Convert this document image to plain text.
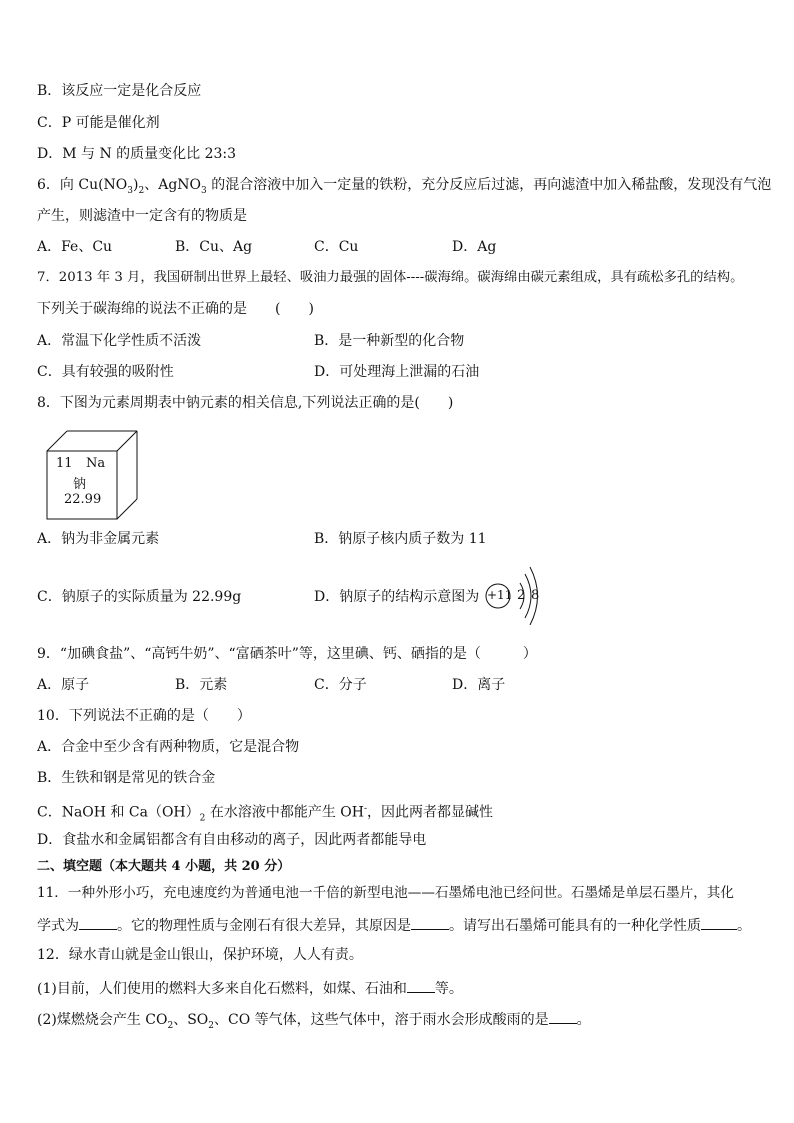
B．该反应一定是化合反应
C．P 可能是催化剂
D．M 与 N 的质量变化比 23:3
6．向 $Cu(NO_3)_2$、AgNO$_3$ 的混合溶液中加入一定量的铁粉，充分反应后过滤，再向滤渣中加入稀盐酸，发现没有气泡
产生，则滤渣中一定含有的物质是
A．Fe、Cu	B．Cu、Ag	C．Cu	D．Ag
7．2013 年 3 月，我国研制出世界上最轻、吸油力最强的固体----碳海绵。碳海绵由碳元素组成，具有疏松多孔的结构。
下列关于碳海绵的说法不正确的是　　(　　)
A．常温下化学性质不活泼	B．是一种新型的化合物
C．具有较强的吸附性	D．可处理海上泄漏的石油
8．下图为元素周期表中钠元素的相关信息,下列说法正确的是(　　)
11 Na
钠
22.99
A．钠为非金属元素	B．钠原子核内质子数为 11
C．钠原子的实际质量为 22.99g	D．钠原子的结构示意图为 +11 2 8
9．“加碘食盐”、“高钙牛奶”、“富硒茶叶”等，这里碘、钙、硒指的是（　　　）
A．原子	B．元素	C．分子	D．离子
10．下列说法不正确的是（　　）
A．合金中至少含有两种物质，它是混合物
B．生铁和钢是常见的铁合金
C．NaOH 和 $Ca(OH)_2$ 在水溶液中都能产生 OH-，因此两者都显碱性
D．食盐水和金属铝都含有自由移动的离子，因此两者都能导电
二、填空题（本大题共 4 小题，共 20 分）
11．一种外形小巧，充电速度约为普通电池一千倍的新型电池——石墨烯电池已经问世。石墨烯是单层石墨片，其化
学式为	。它的物理性质与金刚石有很大差异，其原因是	。请写出石墨烯可能具有的一种化学性质	。
12．绿水青山就是金山银山，保护环境，人人有责。
(1)目前，人们使用的燃料大多来自化石燃料，如煤、石油和 等。
(2)煤燃烧会产生 $CO_2$、$SO_2$、CO 等气体，这些气体中，溶于雨水会形成酸雨的是 。
